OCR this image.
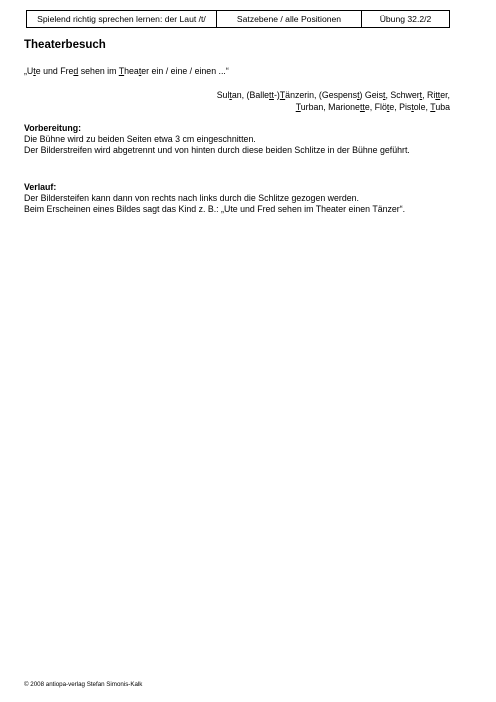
Spielend richtig sprechen lernen: der Laut /t/	Satzebene / alle Positionen	Übung 32.2/2
Theaterbesuch
„Ute und Fred sehen im Theater ein / eine / einen ...“
Sultan, (Ballett-)Tänzerin, (Gespenst) Geist, Schwert, Ritter,
Turban, Marionette, Flöte, Pistole, Tuba
Vorbereitung:
Die Bühne wird zu beiden Seiten etwa 3 cm eingeschnitten.
Der Bilderstreifen wird abgetrennt und von hinten durch diese beiden Schlitze in der Bühne geführt.
Verlauf:
Der Bildersteifen kann dann von rechts nach links durch die Schlitze gezogen werden.
Beim Erscheinen eines Bildes sagt das Kind z. B.: „Ute und Fred sehen im Theater einen Tänzer“.
© 2008 antiopa-verlag Stefan Simonis-Kalk
